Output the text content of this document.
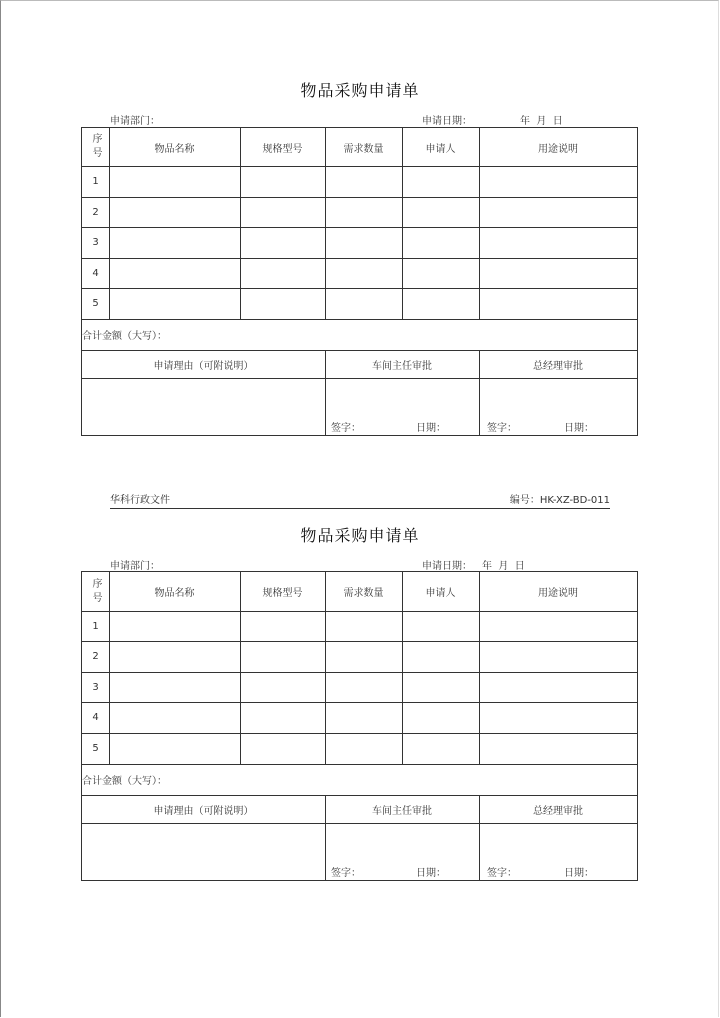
物品采购申请单
申请部门：	申请日期：	年  月  日
序号	物品名称	规格型号	需求数量	申请人	用途说明
1
2
3
4
5
合计金额（大写）：
申请理由（可附说明）	车间主任审批	总经理审批
签字：	日期：	签字：	日期：
华科行政文件	编号：HK-XZ-BD-011
物品采购申请单
申请部门：	申请日期： 年  月  日
序号	物品名称	规格型号	需求数量	申请人	用途说明
1
2
3
4
5
合计金额（大写）：
申请理由（可附说明）	车间主任审批	总经理审批
签字：	日期：	签字：	日期：
